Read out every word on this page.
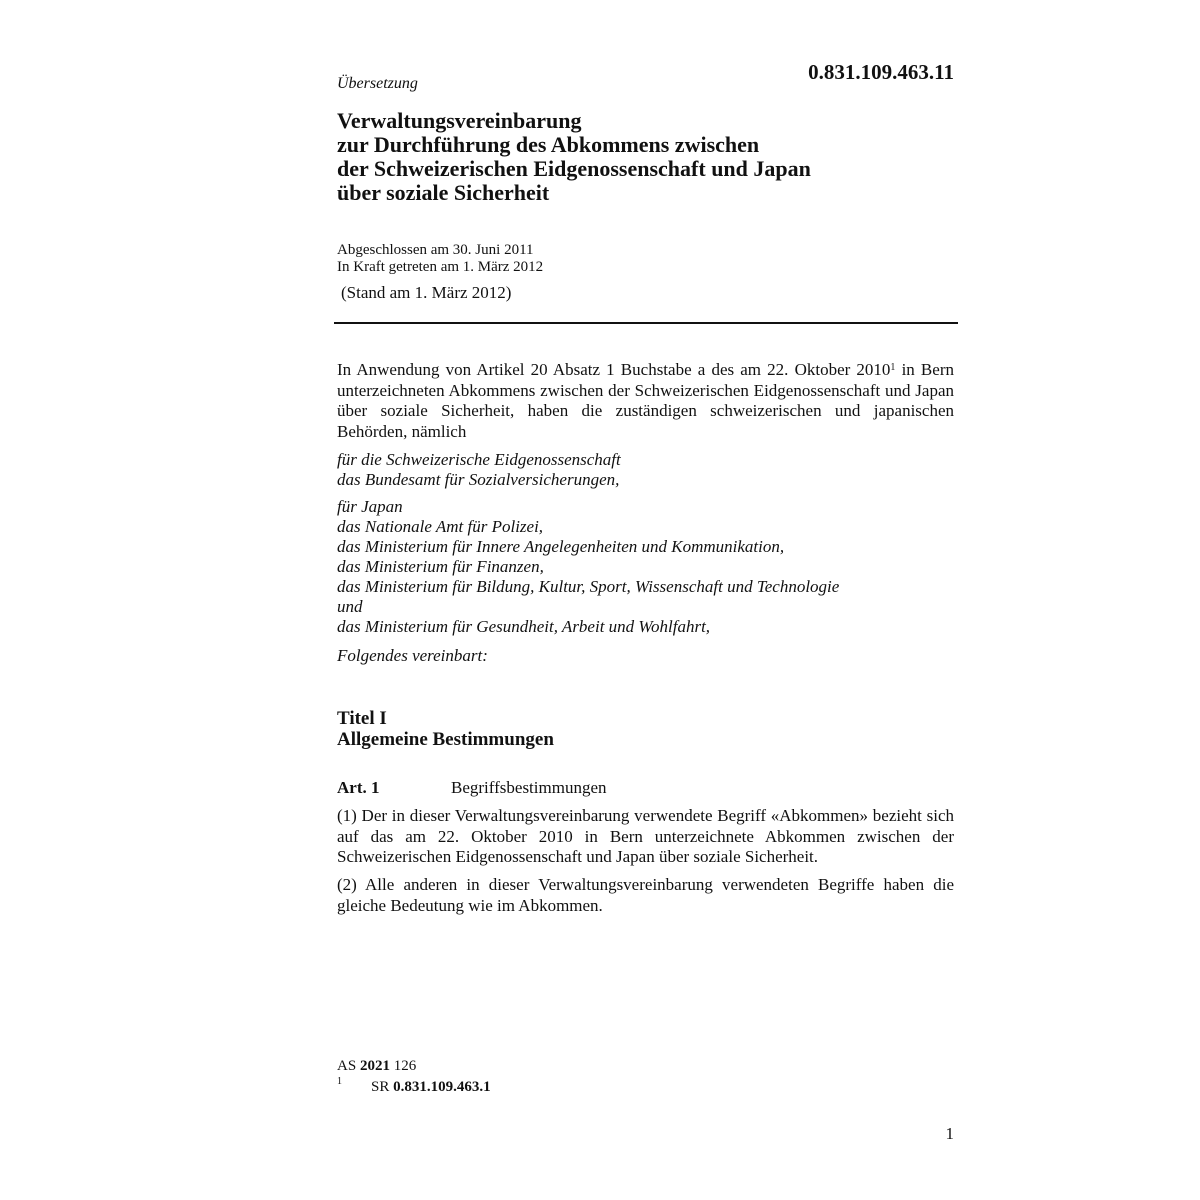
Übersetzung	0.831.109.463.11
Verwaltungsvereinbarung
zur Durchführung des Abkommens zwischen
der Schweizerischen Eidgenossenschaft und Japan
über soziale Sicherheit
Abgeschlossen am 30. Juni 2011
In Kraft getreten am 1. März 2012
(Stand am 1. März 2012)
In Anwendung von Artikel 20 Absatz 1 Buchstabe a des am 22. Oktober 2010$^1$ in Bern unterzeichneten Abkommens zwischen der Schweizerischen Eidgenossenschaft und Japan über soziale Sicherheit, haben die zuständigen schweizerischen und japanischen Behörden, nämlich
für die Schweizerische Eidgenossenschaft
das Bundesamt für Sozialversicherungen,
für Japan
das Nationale Amt für Polizei,
das Ministerium für Innere Angelegenheiten und Kommunikation,
das Ministerium für Finanzen,
das Ministerium für Bildung, Kultur, Sport, Wissenschaft und Technologie
und
das Ministerium für Gesundheit, Arbeit und Wohlfahrt,
Folgendes vereinbart:
Titel I
Allgemeine Bestimmungen
Art. 1	Begriffsbestimmungen
(1) Der in dieser Verwaltungsvereinbarung verwendete Begriff «Abkommen» bezieht sich auf das am 22. Oktober 2010 in Bern unterzeichnete Abkommen zwischen der Schweizerischen Eidgenossenschaft und Japan über soziale Sicherheit.
(2) Alle anderen in dieser Verwaltungsvereinbarung verwendeten Begriffe haben die gleiche Bedeutung wie im Abkommen.
AS 2021 126
1 SR 0.831.109.463.1
1
